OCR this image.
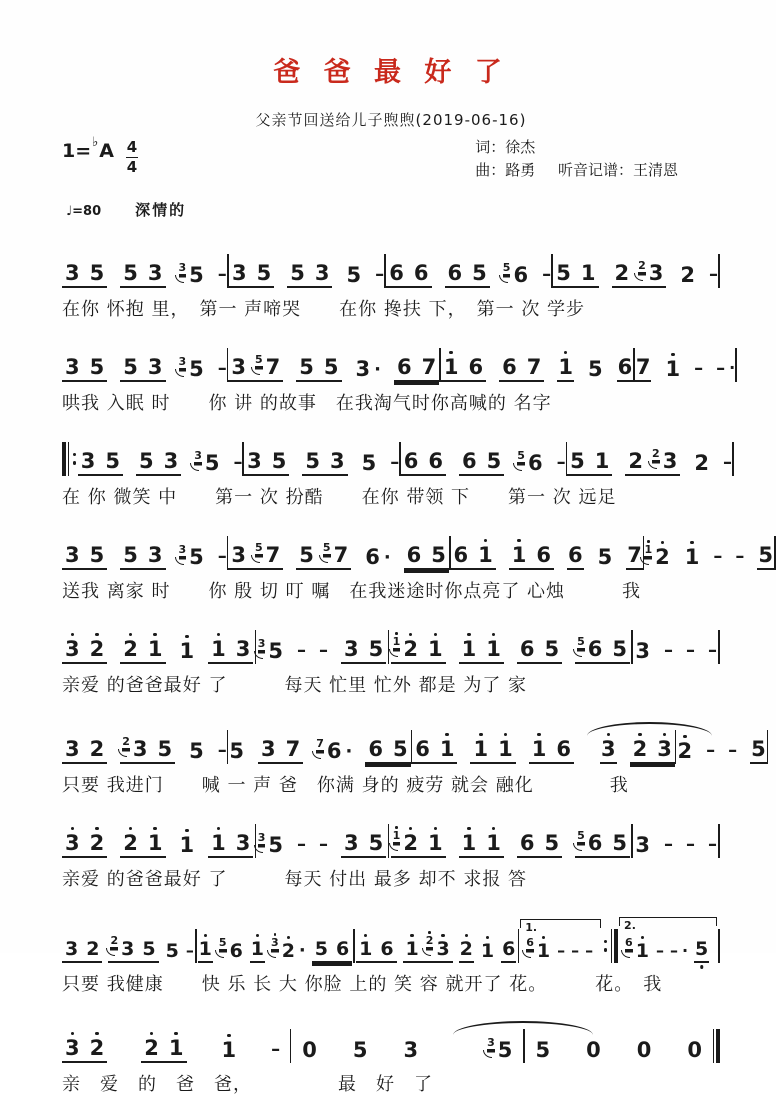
爸 爸 最 好 了
父亲节回送给儿子煦煦(2019-06-16)
1= ♭ A 4
4
词：徐杰
曲：路勇 听音记谱：王清恩
♩=80 深情的
3 5 5 3 3 5 – 3 5 5 3 5 – 6 6 6 5 5 6 – 5 1 2 2 3 2 –
在你 怀抱 里，　第一 声啼哭　　在你 搀扶 下，　第一 次 学步
3 5 5 3 3 5 – 3 5 7 5 5 3 · 6 7 1 6 6 7 1 5 6 7 1 – – ·
哄我 入眠 时　　你 讲 的故事　在我淘气时你高喊的 名字
3 5 5 3 3 5 – 3 5 5 3 5 – 6 6 6 5 5 6 – 5 1 2 2 3 2 –
在 你 微笑 中　　第一 次 扮酷　　在你 带领 下　　第一 次 远足
3 5 5 3 3 5 – 3 5 7 5 5 7 6 · 6 5 6 1 1 6 6 5 7 1 2 1 – – 5
送我 离家 时　　你 殷 切 叮 嘱　在我迷途时你点亮了 心烛　　　我
3 2 2 1 1 1 3 3 5 – – 3 5 1 2 1 1 1 6 5 5 6 5 3 – – –
亲爱 的爸爸最好 了　　　每天 忙里 忙外 都是 为了 家
3 2 2 3 5 5 – 5 3 7 7 6 · 6 5 6 1 1 1 1 6 3 2 3 2 – – 5
只要 我进门　　喊 一 声 爸　你满 身的 疲劳 就会 融化　　　　我
3 2 2 1 1 1 3 3 5 – – 3 5 1 2 1 1 1 6 5 5 6 5 3 – – –
亲爱 的爸爸最好 了　　　每天 付出 最多 却不 求报 答
3 2 2 3 5 5 – 1 5 6 1 3 2 · 5 6 1 6 1 2 3 2 1 6
1.
6 1 – – –
2.
6 1 – – · 5
只要 我健康　　快 乐 长 大 你脸 上的 笑 容 就开了 花。　　　花。　我
3 2 2 1 1 – 0 5 3	3 5 5 0 0 0
亲　爱　的　爸　爸，　　　　　最　好　了
